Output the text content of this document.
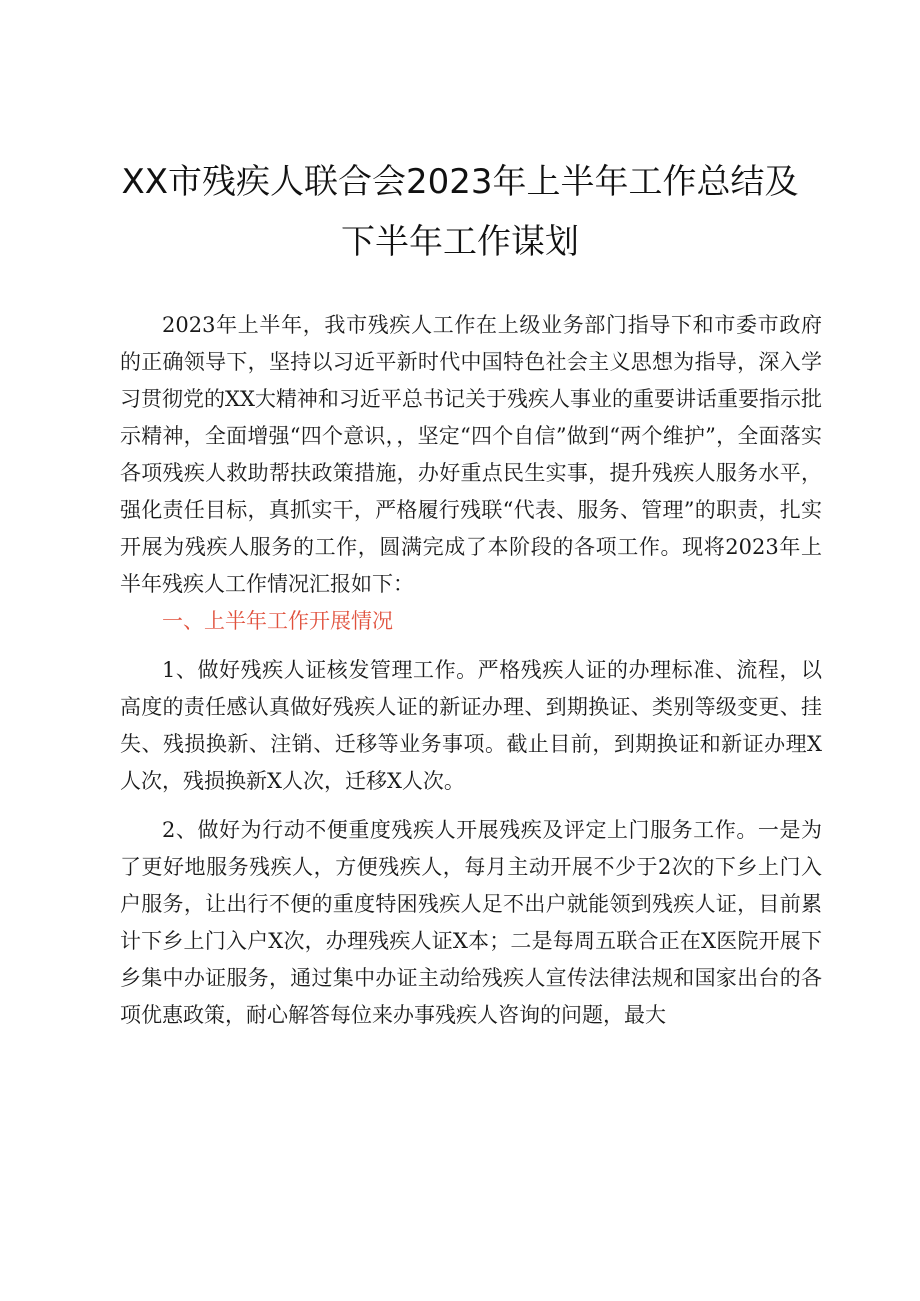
XX市残疾人联合会2023年上半年工作总结及
下半年工作谋划

2023年上半年，我市残疾人工作在上级业务部门指导下和市委市政府的正确领导下，坚持以习近平新时代中国特色社会主义思想为指导，深入学习贯彻党的XX大精神和习近平总书记关于残疾人事业的重要讲话重要指示批示精神，全面增强“四个意识，，坚定“四个自信”做到“两个维护”，全面落实各项残疾人救助帮扶政策措施，办好重点民生实事，提升残疾人服务水平，强化责任目标，真抓实干，严格履行残联“代表、服务、管理”的职责，扎实开展为残疾人服务的工作，圆满完成了本阶段的各项工作。现将2023年上半年残疾人工作情况汇报如下：

一、上半年工作开展情况

1、做好残疾人证核发管理工作。严格残疾人证的办理标准、流程，以高度的责任感认真做好残疾人证的新证办理、到期换证、类别等级变更、挂失、残损换新、注销、迁移等业务事项。截止目前，到期换证和新证办理X人次，残损换新X人次，迁移X人次。

2、做好为行动不便重度残疾人开展残疾及评定上门服务工作。一是为了更好地服务残疾人，方便残疾人，每月主动开展不少于2次的下乡上门入户服务，让出行不便的重度特困残疾人足不出户就能领到残疾人证，目前累计下乡上门入户X次，办理残疾人证X本；二是每周五联合正在X医院开展下乡集中办证服务，通过集中办证主动给残疾人宣传法律法规和国家出台的各项优惠政策，耐心解答每位来办事残疾人咨询的问题，最大
